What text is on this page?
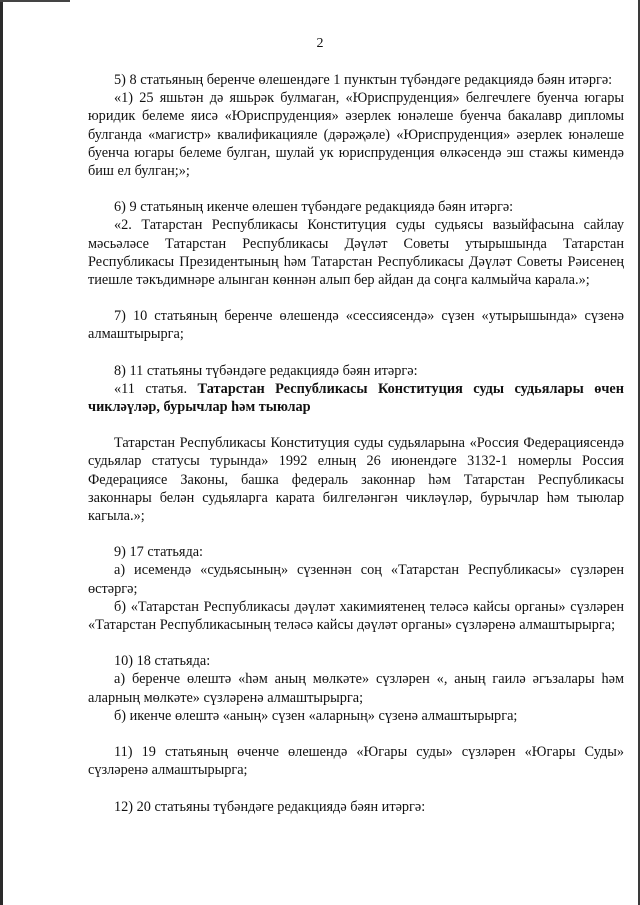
2

5) 8 статьяның беренче өлешендәге 1 пунктын түбәндәге редакциядә бәян итәргә:

«1) 25 яшьтән дә яшьрәк булмаган, «Юриспруденция» белгечлеге буенча югары юридик белеме яисә «Юриспруденция» әзерлек юнәлеше буенча бакалавр дипломы булганда «магистр» квалификацияле (дәрәҗәле) «Юриспруденция» әзерлек юнәлеше буенча югары белеме булган, шулай ук юриспруденция өлкәсендә эш стажы кимендә биш ел булган;»;

6) 9 статьяның икенче өлешен түбәндәге редакциядә бәян итәргә:

«2. Татарстан Республикасы Конституция суды судьясы вазыйфасына сайлау мәсьәләсе Татарстан Республикасы Дәүләт Советы утырышында Татарстан Республикасы Президентының һәм Татарстан Республикасы Дәүләт Советы Рәисенең тиешле тәкъдимнәре алынган көннән алып бер айдан да соңга калмыйча карала.»;

7) 10 статьяның беренче өлешендә «сессиясендә» сүзен «утырышында» сүзенә алмаштырырга;

8) 11 статьяны түбәндәге редакциядә бәян итәргә:

«11 статья. Татарстан Республикасы Конституция суды судьялары өчен чикләүләр, бурычлар һәм тыюлар

Татарстан Республикасы Конституция суды судьяларына «Россия Федерациясендә судьялар статусы турында» 1992 елның 26 июнендәге 3132-1 номерлы Россия Федерациясе Законы, башка федераль законнар һәм Татарстан Республикасы законнары белән судьяларга карата билгеләнгән чикләүләр, бурычлар һәм тыюлар кагыла.»;

9) 17 статьяда:

а) исемендә «судьясының» сүзеннән соң «Татарстан Республикасы» сүзләрен өстәргә;

б) «Татарстан Республикасы дәүләт хакимиятенең теләсә кайсы органы» сүзләрен «Татарстан Республикасының теләсә кайсы дәүләт органы» сүзләренә алмаштырырга;

10) 18 статьяда:

а) беренче өлештә «һәм аның мөлкәте» сүзләрен «, аның гаилә әгъзалары һәм аларның мөлкәте» сүзләренә алмаштырырга;

б) икенче өлештә «аның» сүзен «аларның» сүзенә алмаштырырга;

11) 19 статьяның өченче өлешендә «Югары суды» сүзләрен «Югары Суды» сүзләренә алмаштырырга;

12) 20 статьяны түбәндәге редакциядә бәян итәргә:
